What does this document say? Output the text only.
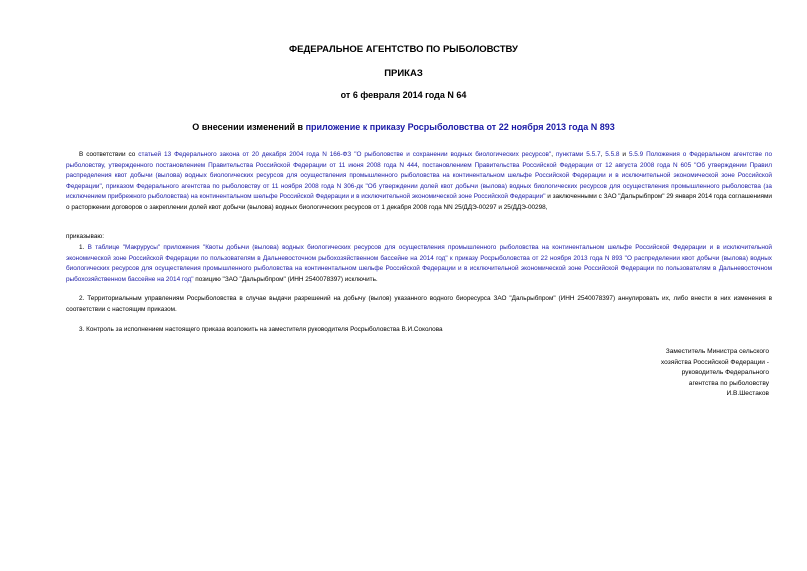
ФЕДЕРАЛЬНОЕ АГЕНТСТВО ПО РЫБОЛОВСТВУ
ПРИКАЗ
от 6 февраля 2014 года N 64
О внесении изменений в приложение к приказу Росрыболовства от 22 ноября 2013 года N 893
В соответствии со статьей 13 Федерального закона от 20 декабря 2004 года N 166-ФЗ "О рыболовстве и сохранении водных биологических ресурсов", пунктами 5.5.7, 5.5.8 и 5.5.9 Положения о Федеральном агентстве по рыболовству, утвержденного постановлением Правительства Российской Федерации от 11 июня 2008 года N 444, постановлением Правительства Российской Федерации от 12 августа 2008 года N 605 "Об утверждении Правил распределения квот добычи (вылова) водных биологических ресурсов для осуществления промышленного рыболовства на континентальном шельфе Российской Федерации и в исключительной экономической зоне Российской Федерации", приказом Федерального агентства по рыболовству от 11 ноября 2008 года N 306-дк "Об утверждении долей квот добычи (вылова) водных биологических ресурсов для осуществления промышленного рыболовства (за исключением прибрежного рыболовства) на континентальном шельфе Российской Федерации и в исключительной экономической зоне Российской Федерации" и заключенными с ЗАО "Дальрыбпром" 29 января 2014 года соглашениями о расторжении договоров о закреплении долей квот добычи (вылова) водных биологических ресурсов от 1 декабря 2008 года NN 25/ДДЭ-00297 и 25/ДДЭ-00298,
приказываю:
1. В таблице "Макрурусы" приложения "Квоты добычи (вылова) водных биологических ресурсов для осуществления промышленного рыболовства на континентальном шельфе Российской Федерации и в исключительной экономической зоне Российской Федерации по пользователям в Дальневосточном рыбохозяйственном бассейне на 2014 год" к приказу Росрыболовства от 22 ноября 2013 года N 893 "О распределении квот добычи (вылова) водных биологических ресурсов для осуществления промышленного рыболовства на континентальном шельфе Российской Федерации и в исключительной экономической зоне Российской Федерации по пользователям в Дальневосточном рыбохозяйственном бассейне на 2014 год" позицию "ЗАО "Дальрыбпром" (ИНН 2540078397) исключить.
2. Территориальным управлениям Росрыболовства в случае выдачи разрешений на добычу (вылов) указанного водного биоресурса ЗАО "Дальрыбпром" (ИНН 2540078397) аннулировать их, либо внести в них изменения в соответствии с настоящим приказом.
3. Контроль за исполнением настоящего приказа возложить на заместителя руководителя Росрыболовства В.И.Соколова
Заместитель Министра сельского
хозяйства Российской Федерации -
руководитель Федерального
агентства по рыболовству
И.В.Шестаков
